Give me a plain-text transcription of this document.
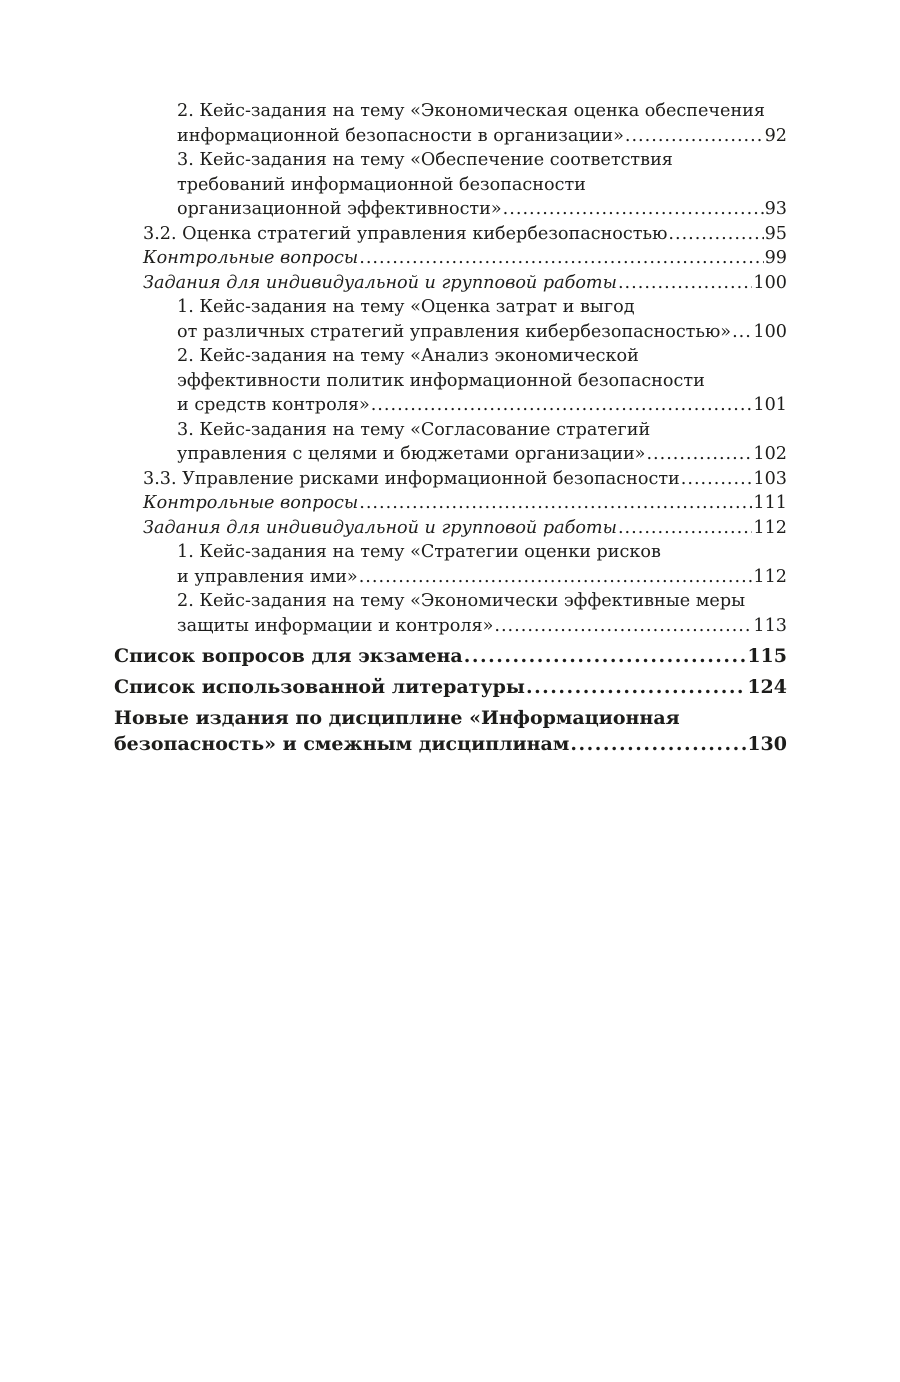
2. Кейс-задания на тему «Экономическая оценка обеспечения
информационной безопасности в организации» .....	92
3. Кейс-задания на тему «Обеспечение соответствия
требований информационной безопасности
организационной эффективности» .....	93
3.2. Оценка стратегий управления кибербезопасностью .....	95
Контрольные вопросы .....	99
Задания для индивидуальной и групповой работы .....	100
1. Кейс-задания на тему «Оценка затрат и выгод
от различных стратегий управления кибербезопасностью» ..... 100
2. Кейс-задания на тему «Анализ экономической
эффективности политик информационной безопасности
и средств контроля» .....	101
3. Кейс-задания на тему «Согласование стратегий
управления с целями и бюджетами организации» .....	102
3.3. Управление рисками информационной безопасности .....	103
Контрольные вопросы .....	111
Задания для индивидуальной и групповой работы .....	112
1. Кейс-задания на тему «Стратегии оценки рисков
и управления ими» .....	112
2. Кейс-задания на тему «Экономически эффективные меры
защиты информации и контроля» .....	113
Список вопросов для экзамена .....	115
Список использованной литературы .....	124
Новые издания по дисциплине «Информационная
безопасность» и смежным дисциплинам .....	130
